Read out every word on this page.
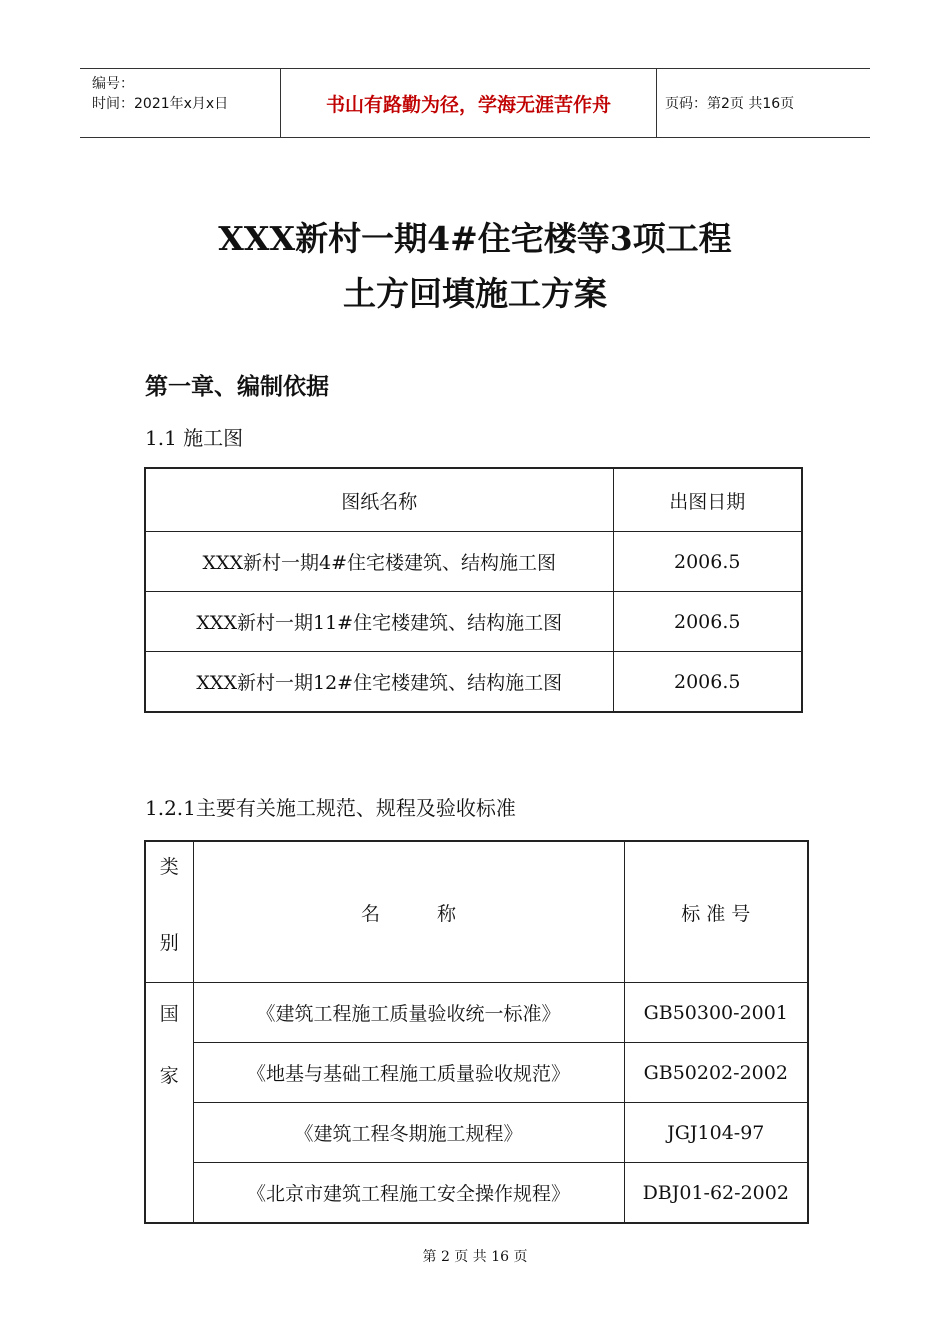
编号：
时间：2021年x月x日	书山有路勤为径，学海无涯苦作舟	页码：第2页 共16页
XXX新村一期4#住宅楼等3项工程
土方回填施工方案
第一章、编制依据
1.1 施工图
图纸名称	出图日期
XXX新村一期4#住宅楼建筑、结构施工图	2006.5
XXX新村一期11#住宅楼建筑、结构施工图	2006.5
XXX新村一期12#住宅楼建筑、结构施工图	2006.5
1.2.1主要有关施工规范、规程及验收标准
类
别	名　　　称	标 准 号

国
家	《建筑工程施工质量验收统一标准》	GB50300-2001
	《地基与基础工程施工质量验收规范》	GB50202-2002
	《建筑工程冬期施工规程》	JGJ104-97
	《北京市建筑工程施工安全操作规程》	DBJ01-62-2002
第 2 页 共 16 页
